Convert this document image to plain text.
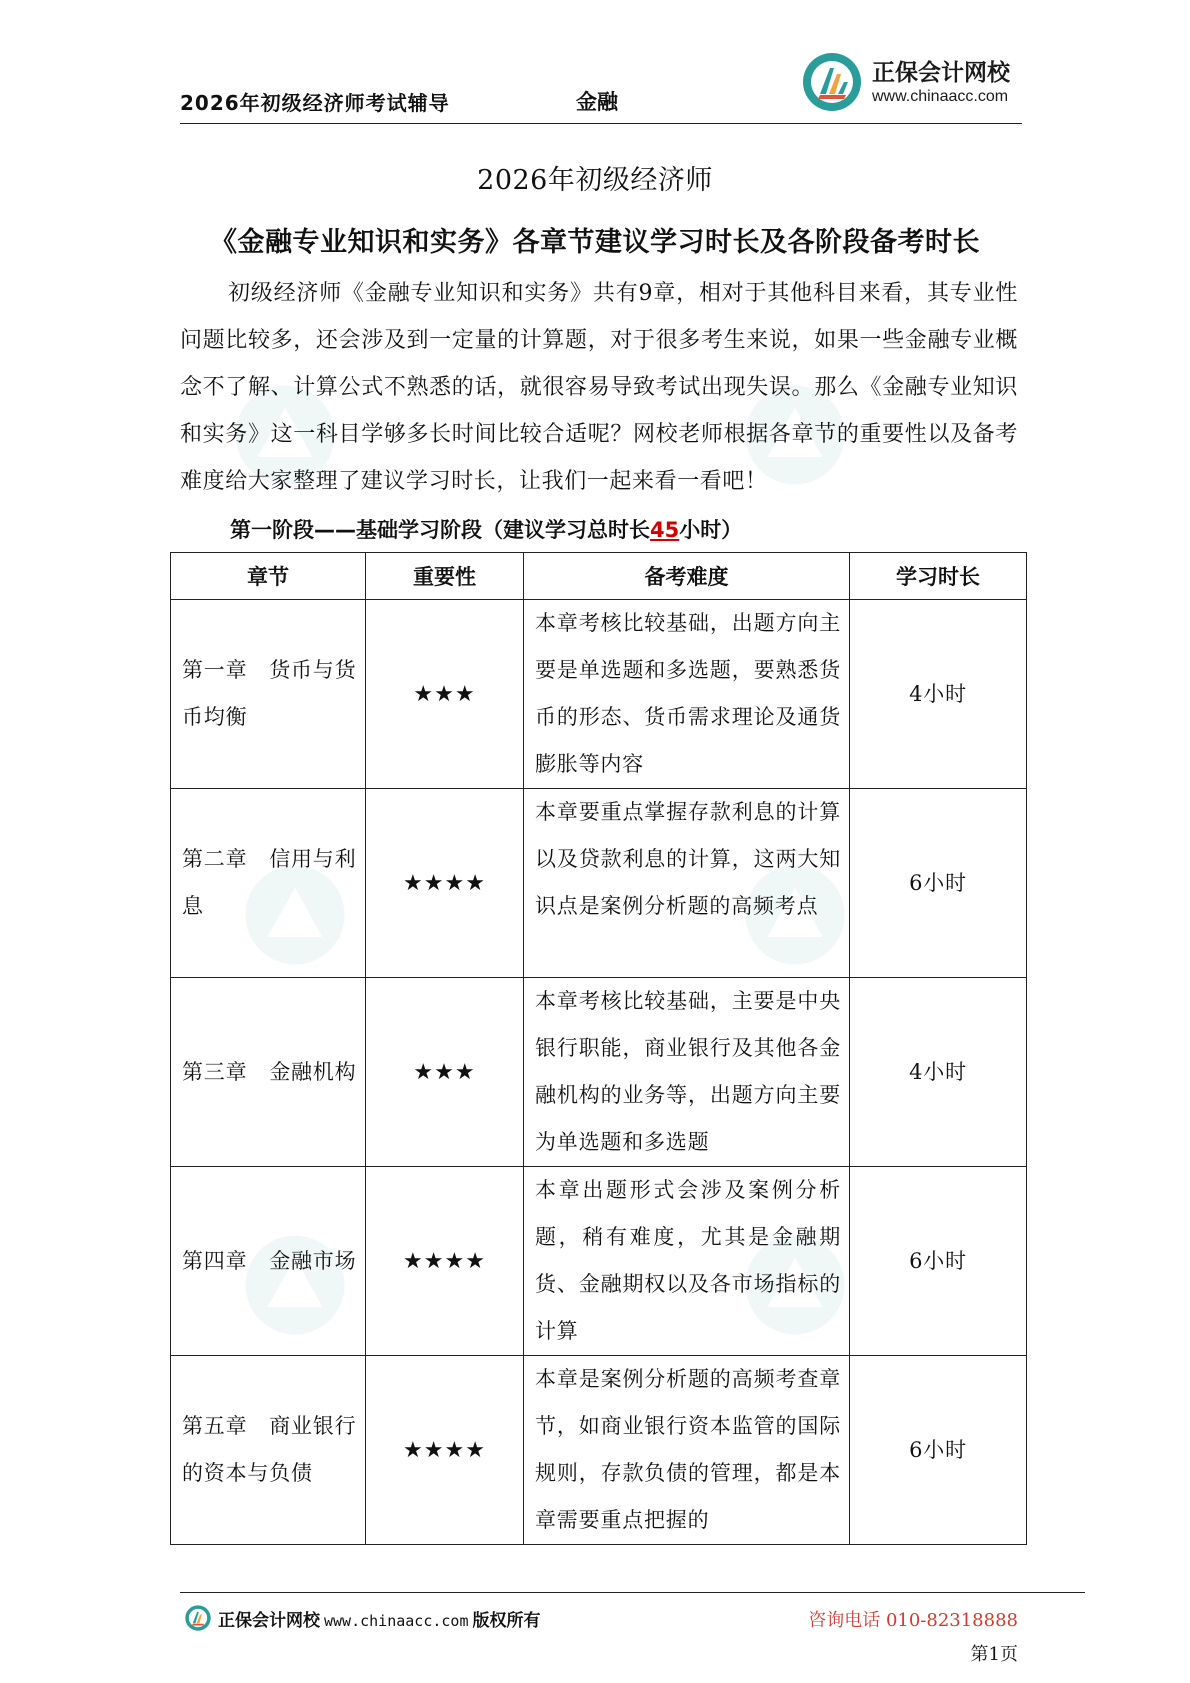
2026年初级经济师考试辅导	金融
正保会计网校
www.chinaacc.com
2026年初级经济师
《金融专业知识和实务》各章节建议学习时长及各阶段备考时长

初级经济师《金融专业知识和实务》共有9章，相对于其他科目来看，其专业性问题比较多，还会涉及到一定量的计算题，对于很多考生来说，如果一些金融专业概念不了解、计算公式不熟悉的话，就很容易导致考试出现失误。那么《金融专业知识和实务》这一科目学够多长时间比较合适呢？网校老师根据各章节的重要性以及备考难度给大家整理了建议学习时长，让我们一起来看一看吧！

第一阶段——基础学习阶段（建议学习总时长45小时）
章节	重要性	备考难度	学习时长

第一章　货币与货币均衡	★★★	本章考核比较基础，出题方向主要是单选题和多选题，要熟悉货币的形态、货币需求理论及通货膨胀等内容	4小时

第二章　信用与利息	★★★★	本章要重点掌握存款利息的计算以及贷款利息的计算，这两大知识点是案例分析题的高频考点	6小时

第三章　金融机构	★★★	本章考核比较基础，主要是中央银行职能，商业银行及其他各金融机构的业务等，出题方向主要为单选题和多选题	4小时

第四章　金融市场	★★★★	本章出题形式会涉及案例分析题，稍有难度，尤其是金融期货、金融期权以及各市场指标的计算	6小时

第五章　商业银行的资本与负债	★★★★	本章是案例分析题的高频考查章节，如商业银行资本监管的国际规则，存款负债的管理，都是本章需要重点把握的	6小时
正保会计网校 www.chinaacc.com 版权所有	咨询电话 010-82318888
第1页
